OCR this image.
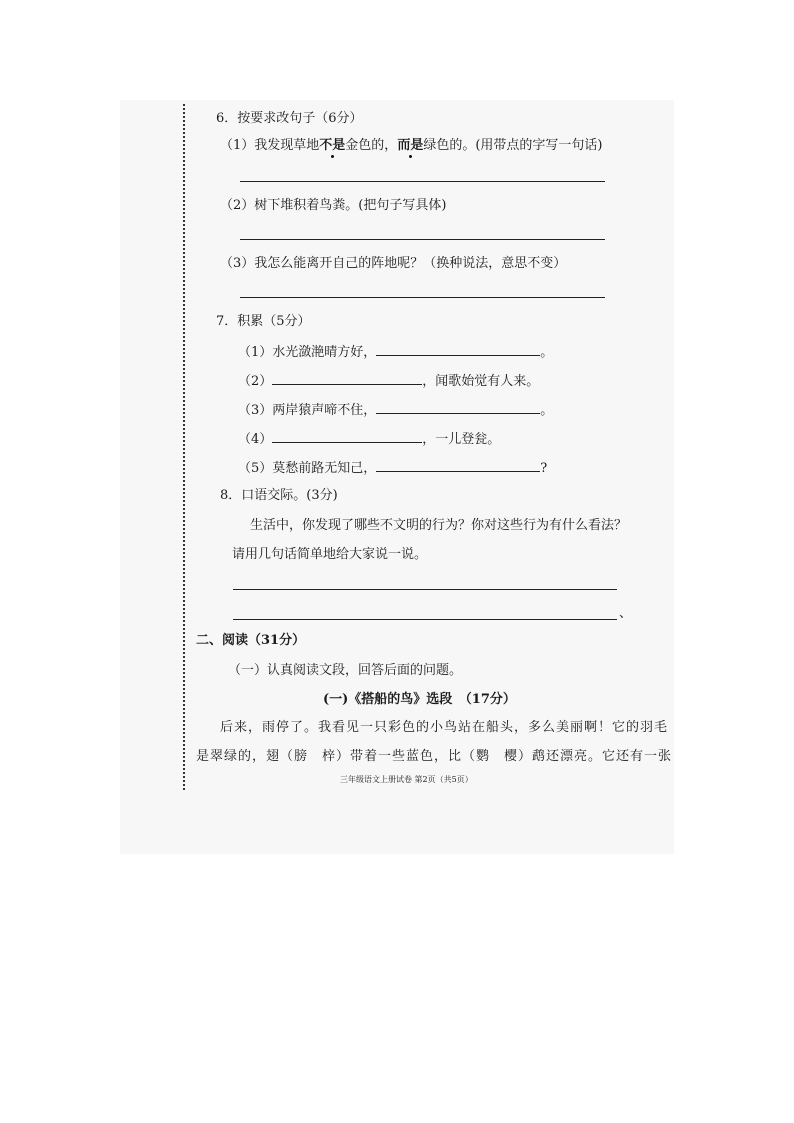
6．按要求改句子（6分）
（1）我发现草地不是金色的，而是绿色的。(用带点的字写一句话)
（2）树下堆积着鸟粪。(把句子写具体)
（3）我怎么能离开自己的阵地呢？（换种说法，意思不变）
7．积累（5分）
（1）水光潋滟晴方好，	。
（2）	，闻歌始觉有人来。
（3）两岸猿声啼不住，	。
（4）	，一儿登瓮。
（5）莫愁前路无知己，	?
8．口语交际。(3分)
生活中，你发现了哪些不文明的行为？你对这些行为有什么看法？
请用几句话简单地给大家说一说。
、
二、阅读（31分）
（一）认真阅读文段，回答后面的问题。
(一)《搭船的鸟》选段　（17分）
后来，雨停了。我看见一只彩色的小鸟站在船头，多么美丽啊！它的羽毛
是翠绿的，翅（膀　梓）带着一些蓝色，比（鹦　樱）鹉还漂亮。它还有一张
三年级语文上册试卷 第2页（共5页）
